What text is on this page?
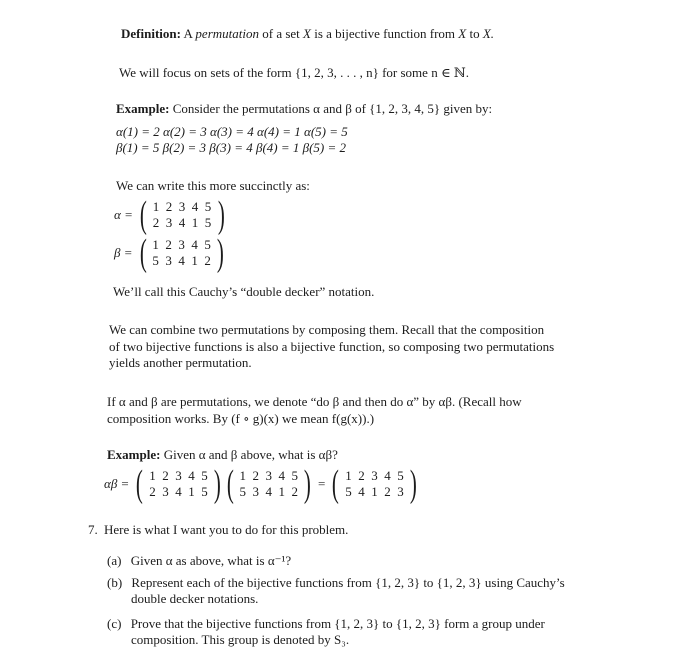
Definition: A permutation of a set X is a bijective function from X to X.
We will focus on sets of the form {1, 2, 3, . . . , n} for some n ∈ ℕ.
Example: Consider the permutations α and β of {1, 2, 3, 4, 5} given by:
α(1) = 2 α(2) = 3 α(3) = 4 α(4) = 1 α(5) = 5
β(1) = 5 β(2) = 3 β(3) = 4 β(4) = 1 β(5) = 2
We can write this more succinctly as:
α = ( 1 2 3 4 5
2 3 4 1 5 )
β = ( 1 2 3 4 5
5 3 4 1 2 )
We’ll call this Cauchy’s “double decker” notation.
We can combine two permutations by composing them. Recall that the composition
of two bijective functions is also a bijective function, so composing two permutations
yields another permutation.
If α and β are permutations, we denote “do β and then do α” by αβ. (Recall how
composition works. By (f ∘ g)(x) we mean f(g(x)).)
Example: Given α and β above, what is αβ?
αβ = ( 1 2 3 4 5
2 3 4 1 5 ) ( 1 2 3 4 5
5 3 4 1 2 ) = ( 1 2 3 4 5
5 4 1 2 3 )
7. Here is what I want you to do for this problem.
(a) Given α as above, what is α⁻¹?
(b) Represent each of the bijective functions from {1, 2, 3} to {1, 2, 3} using Cauchy’s
double decker notations.
(c) Prove that the bijective functions from {1, 2, 3} to {1, 2, 3} form a group under
composition. This group is denoted by S₃.
